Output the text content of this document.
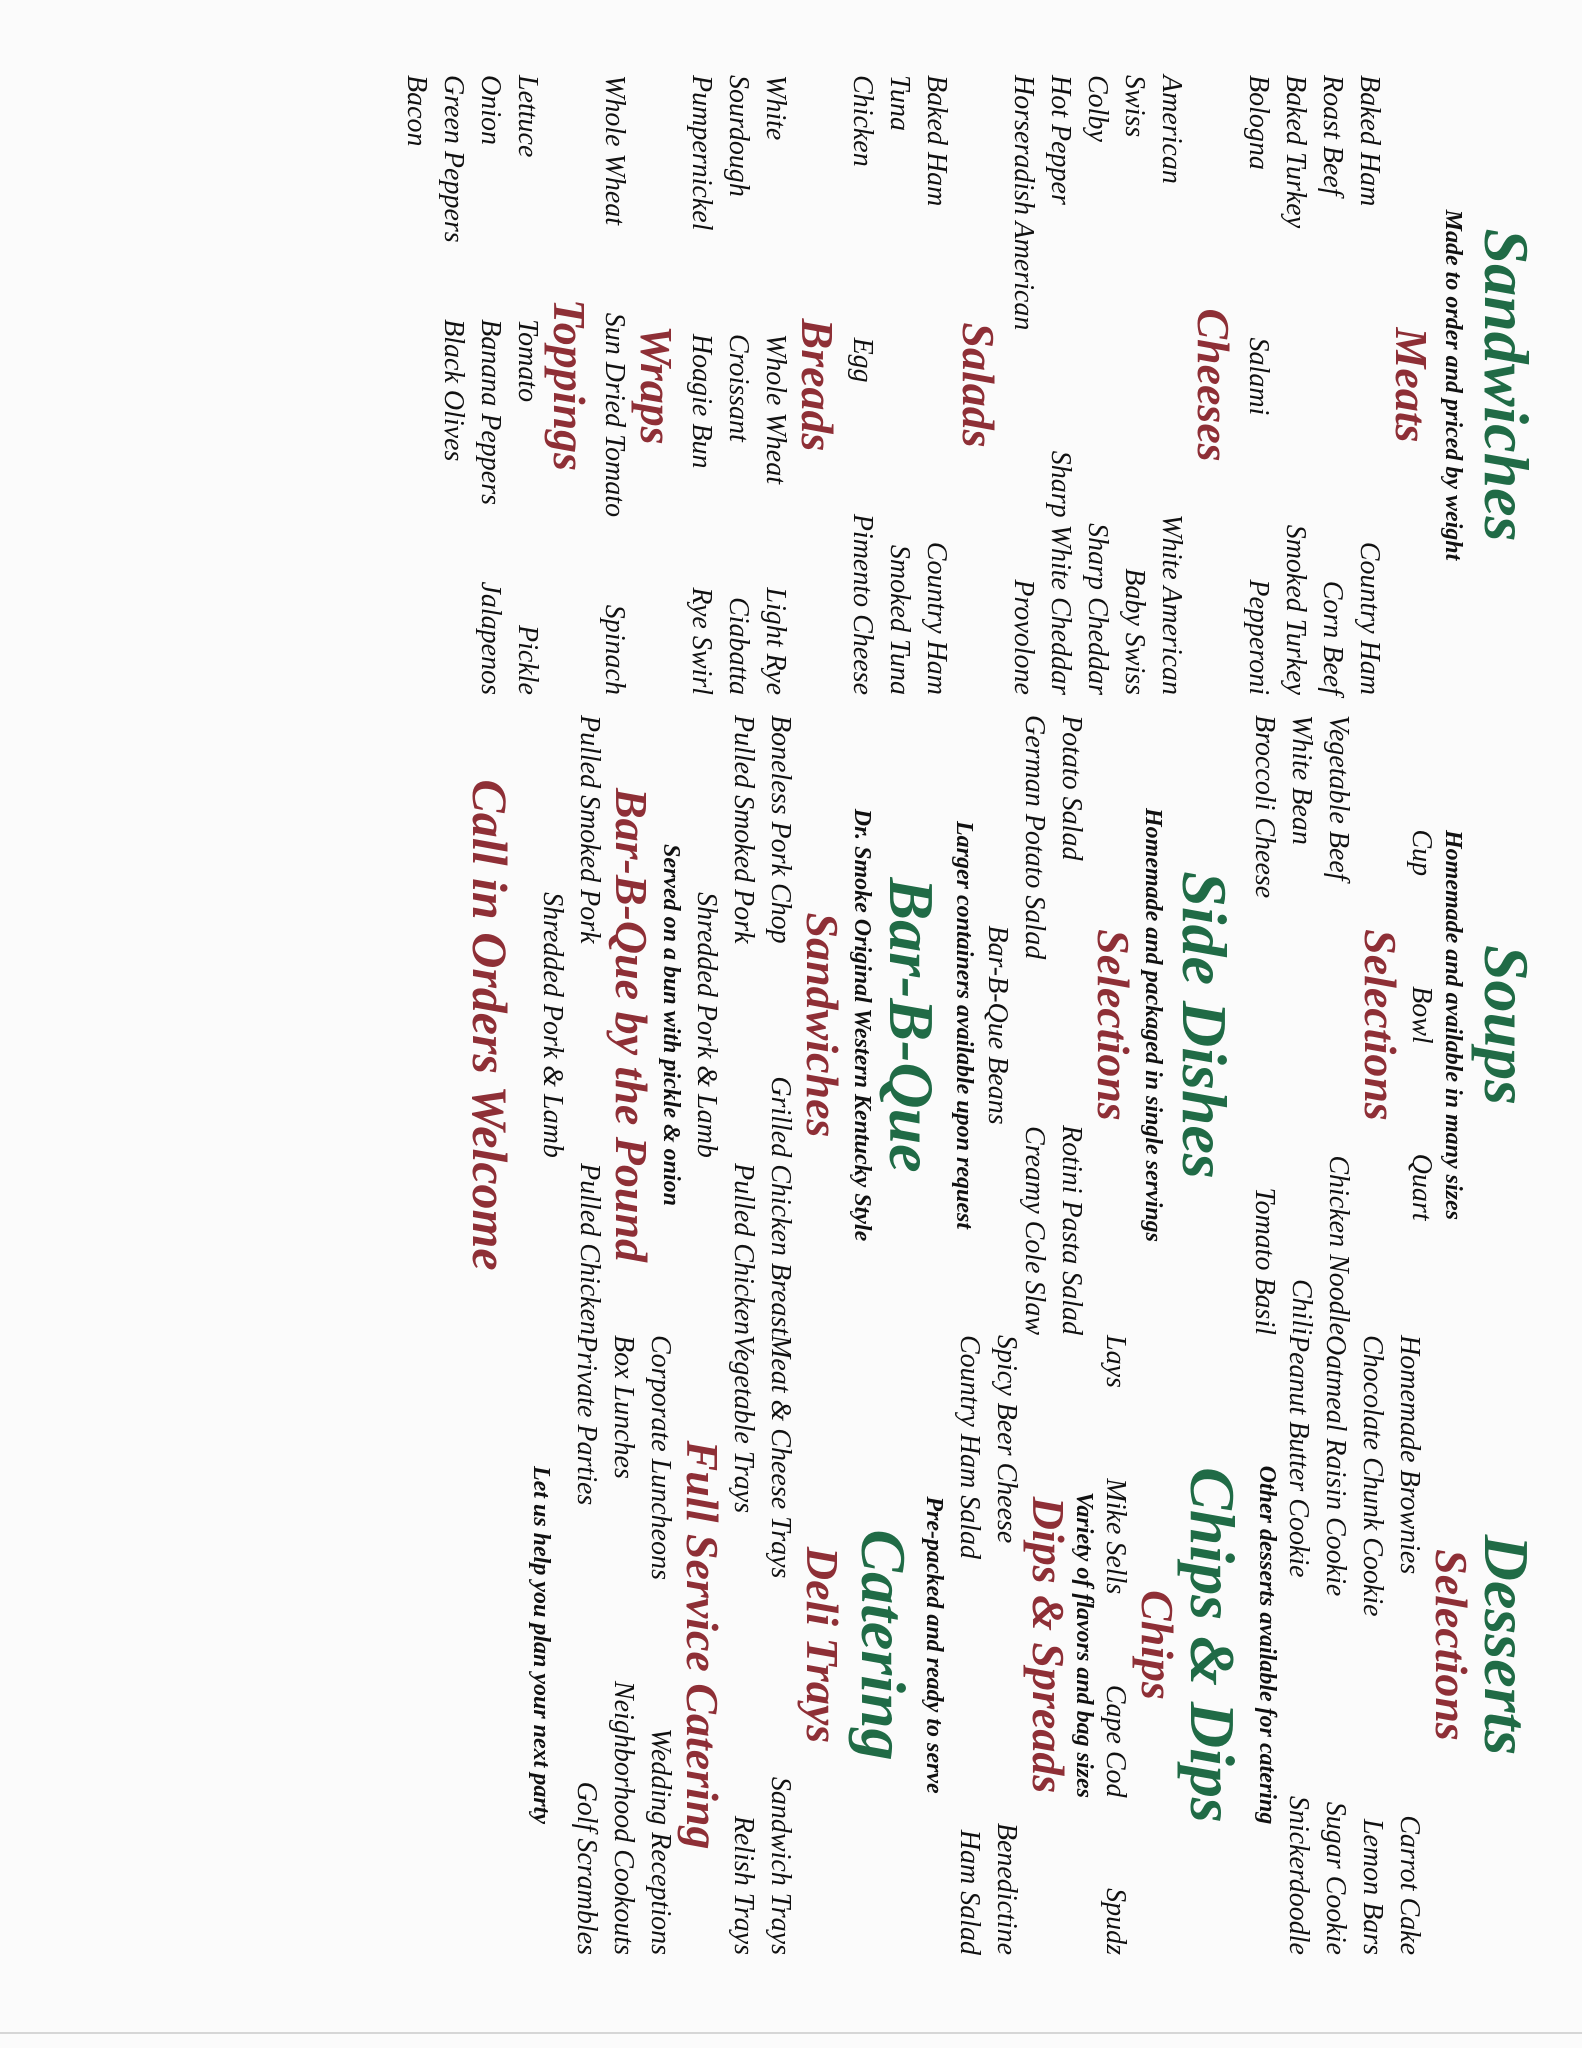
Sandwiches

Made to order and priced by weight

Meats
Baked Ham
Country Ham
Roast Beef
Corn Beef
Baked Turkey
Smoked Turkey
Bologna
Salami
Pepperoni
Cheeses
American
White American
Swiss
Baby Swiss
Colby
Sharp Cheddar
Hot Pepper
Sharp White Cheddar
Horseradish American
Provolone
Salads
Baked Ham
Country Ham
Tuna
Smoked Tuna
Chicken
Egg
Pimento Cheese
Breads
White
Whole Wheat
Light Rye
Sourdough
Croissant
Ciabatta
Pumpernickel
Hoagie Bun
Rye Swirl
Wraps
Whole Wheat
Sun Dried Tomato
Spinach
Toppings
Lettuce
Tomato
Pickle
Onion
Banana Peppers
Jalapenos
Green Peppers
Black Olives
Bacon
Soups

Homemade and available in many sizes

Cup
Bowl
Quart
Selections
Vegetable Beef
Chicken Noodle
White Bean
Chili
Broccoli Cheese
Tomato Basil
Side Dishes

Homemade and packaged in single servings

Selections
Potato Salad
Rotini Pasta Salad
German Potato Salad
Creamy Cole Slaw
Bar-B-Que Beans

Larger containers available upon request

Bar-B-Que

Dr. Smoke Original Western Kentucky Style

Sandwiches
Boneless Pork Chop
Grilled Chicken Breast
Pulled Smoked Pork
Pulled Chicken
Shredded Pork & Lamb

Served on a bun with pickle & onion

Bar-B-Que by the Pound
Pulled Smoked Pork
Pulled Chicken
Shredded Pork & Lamb

Call in Orders Welcome

Desserts
Selections
Homemade Brownies
Carrot Cake
Chocolate Chunk Cookie
Lemon Bars
Oatmeal Raisin Cookie
Sugar Cookie
Peanut Butter Cookie
Snickerdoodle

Other desserts available for catering

Chips & Dips
Chips
Lays
Mike Sells
Cape Cod
Spudz

Variety of flavors and bag sizes

Dips & Spreads
Spicy Beer Cheese
Benedictine
Country Ham Salad
Ham Salad

Pre-packed and ready to serve

Catering
Deli Trays
Meat & Cheese Trays
Sandwich Trays
Vegetable Trays
Relish Trays
Full Service Catering
Corporate Luncheons
Wedding Receptions
Box Lunches
Neighborhood Cookouts
Private Parties
Golf Scrambles

Let us help you plan your next party
